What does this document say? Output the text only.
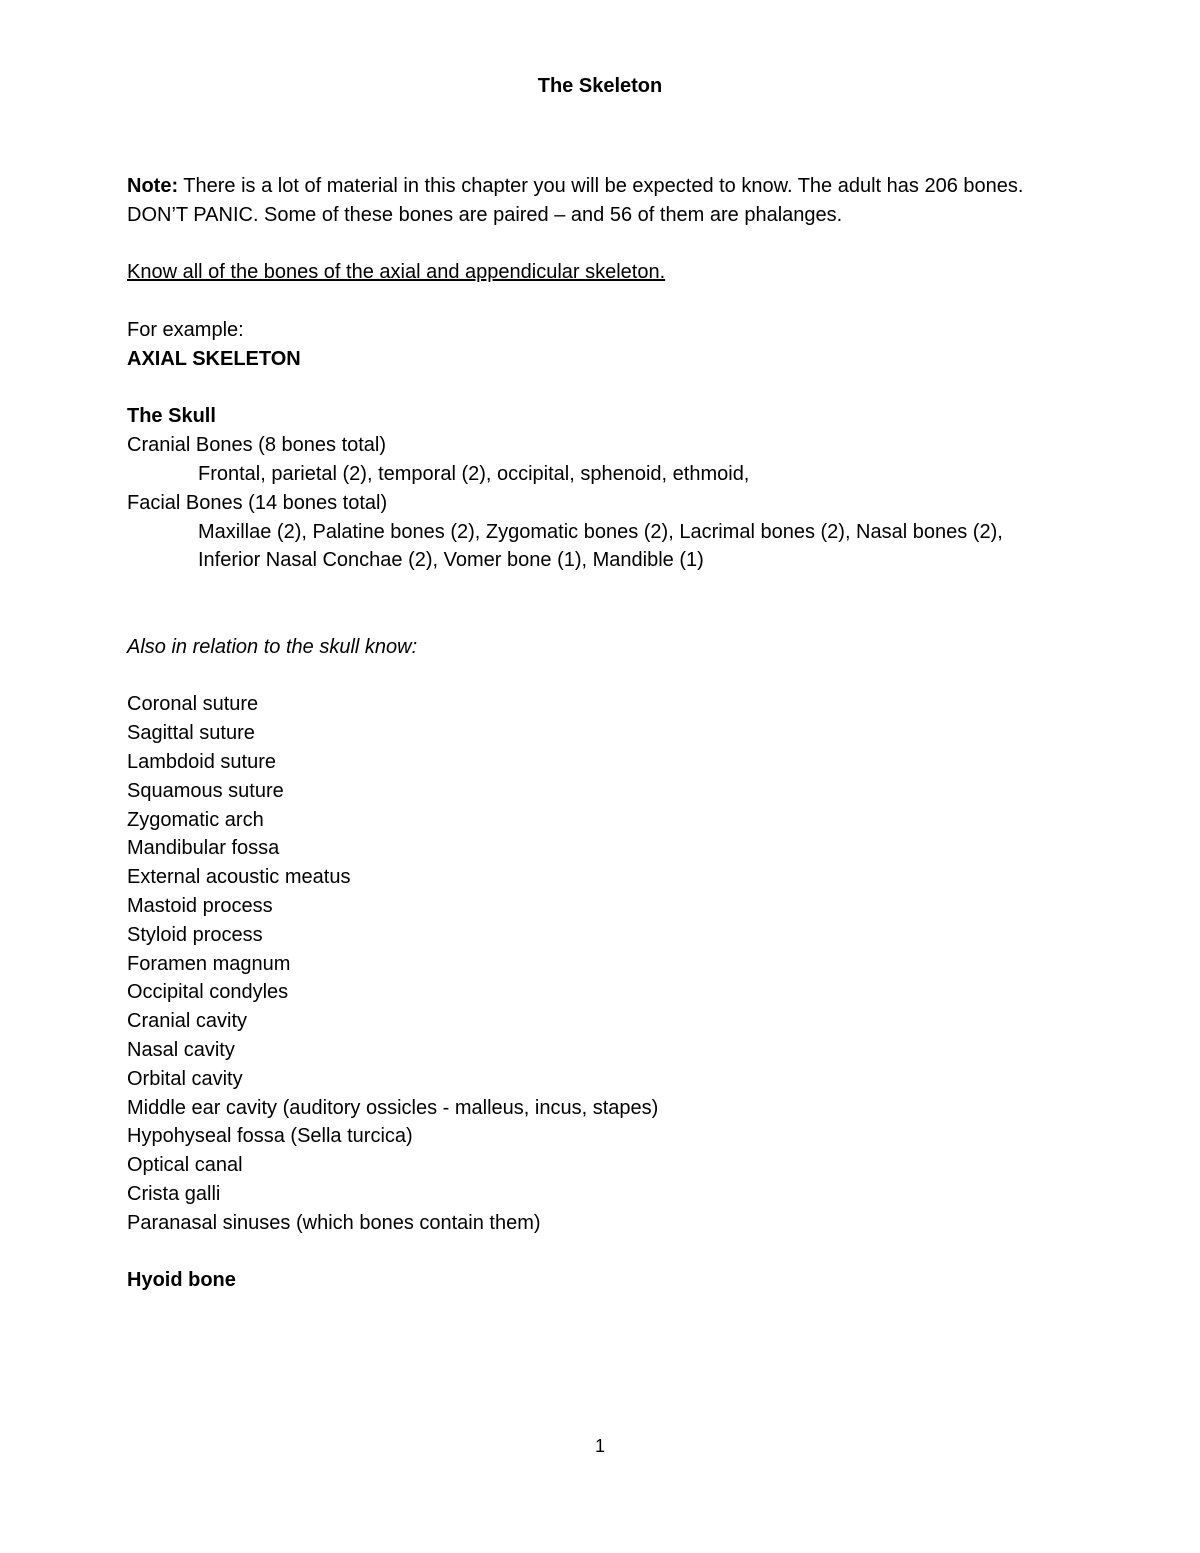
The Skeleton

Note: There is a lot of material in this chapter you will be expected to know. The adult has 206 bones. DON’T PANIC. Some of these bones are paired – and 56 of them are phalanges.

Know all of the bones of the axial and appendicular skeleton.

For example:

AXIAL SKELETON

The Skull

Cranial Bones (8 bones total)

Frontal, parietal (2), temporal (2), occipital, sphenoid, ethmoid,

Facial Bones (14 bones total)

Maxillae (2), Palatine bones (2), Zygomatic bones (2), Lacrimal bones (2), Nasal bones (2),

Inferior Nasal Conchae (2), Vomer bone (1), Mandible (1)

Also in relation to the skull know:

Coronal suture

Sagittal suture

Lambdoid suture

Squamous suture

Zygomatic arch

Mandibular fossa

External acoustic meatus

Mastoid process

Styloid process

Foramen magnum

Occipital condyles

Cranial cavity

Nasal cavity

Orbital cavity

Middle ear cavity (auditory ossicles - malleus, incus, stapes)

Hypohyseal fossa (Sella turcica)

Optical canal

Crista galli

Paranasal sinuses (which bones contain them)

Hyoid bone

1
